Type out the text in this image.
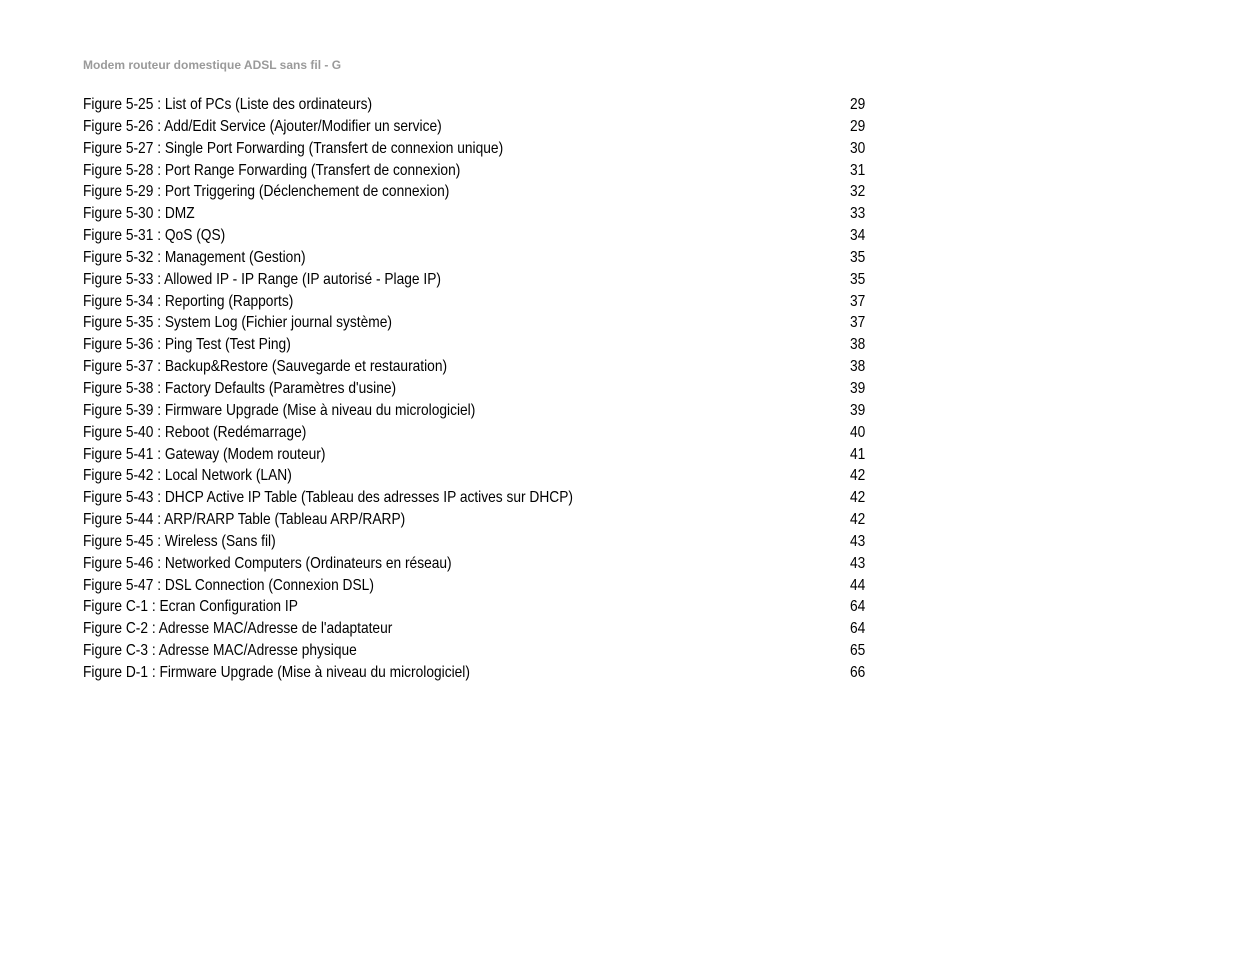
Modem routeur domestique ADSL sans fil - G
Figure 5-25 : List of PCs (Liste des ordinateurs)	29
Figure 5-26 : Add/Edit Service (Ajouter/Modifier un service)	29
Figure 5-27 : Single Port Forwarding (Transfert de connexion unique)	30
Figure 5-28 : Port Range Forwarding (Transfert de connexion)	31
Figure 5-29 : Port Triggering (Déclenchement de connexion)	32
Figure 5-30 : DMZ	33
Figure 5-31 : QoS (QS)	34
Figure 5-32 : Management (Gestion)	35
Figure 5-33 : Allowed IP - IP Range (IP autorisé - Plage IP)	35
Figure 5-34 : Reporting (Rapports)	37
Figure 5-35 : System Log (Fichier journal système)	37
Figure 5-36 : Ping Test (Test Ping)	38
Figure 5-37 : Backup&Restore (Sauvegarde et restauration)	38
Figure 5-38 : Factory Defaults (Paramètres d'usine)	39
Figure 5-39 : Firmware Upgrade (Mise à niveau du micrologiciel)	39
Figure 5-40 : Reboot (Redémarrage)	40
Figure 5-41 : Gateway (Modem routeur)	41
Figure 5-42 : Local Network (LAN)	42
Figure 5-43 : DHCP Active IP Table (Tableau des adresses IP actives sur DHCP)	42
Figure 5-44 : ARP/RARP Table (Tableau ARP/RARP)	42
Figure 5-45 : Wireless (Sans fil)	43
Figure 5-46 : Networked Computers (Ordinateurs en réseau)	43
Figure 5-47 : DSL Connection (Connexion DSL)	44
Figure C-1 : Ecran Configuration IP	64
Figure C-2 : Adresse MAC/Adresse de l'adaptateur	64
Figure C-3 : Adresse MAC/Adresse physique	65
Figure D-1 : Firmware Upgrade (Mise à niveau du micrologiciel)	66
